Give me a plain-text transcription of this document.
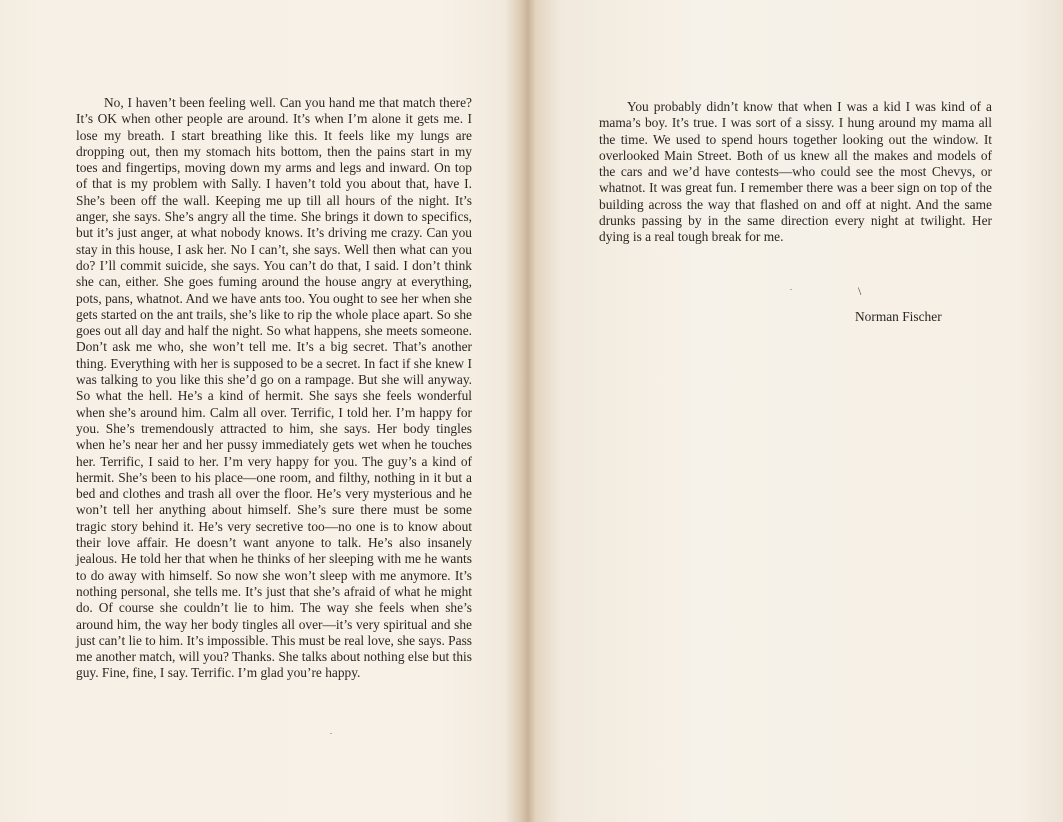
No, I haven’t been feeling well. Can you hand me that match there? It’s OK when other people are around. It’s when I’m alone it gets me. I lose my breath. I start breathing like this. It feels like my lungs are dropping out, then my stomach hits bottom, then the pains start in my toes and fingertips, moving down my arms and legs and inward. On top of that is my problem with Sally. I haven’t told you about that, have I. She’s been off the wall. Keeping me up till all hours of the night. It’s anger, she says. She’s angry all the time. She brings it down to specifics, but it’s just anger, at what nobody knows. It’s driving me crazy. Can you stay in this house, I ask her. No I can’t, she says. Well then what can you do? I’ll commit suicide, she says. You can’t do that, I said. I don’t think she can, either. She goes fuming around the house angry at everything, pots, pans, whatnot. And we have ants too. You ought to see her when she gets started on the ant trails, she’s like to rip the whole place apart. So she goes out all day and half the night. So what happens, she meets someone. Don’t ask me who, she won’t tell me. It’s a big secret. That’s another thing. Everything with her is supposed to be a secret. In fact if she knew I was talking to you like this she’d go on a rampage. But she will anyway. So what the hell. He’s a kind of hermit. She says she feels wonderful when she’s around him. Calm all over. Terrific, I told her. I’m happy for you. She’s tremendously attracted to him, she says. Her body tingles when he’s near her and her pussy immediately gets wet when he touches her. Terrific, I said to her. I’m very happy for you. The guy’s a kind of hermit. She’s been to his place—one room, and filthy, nothing in it but a bed and clothes and trash all over the floor. He’s very mysterious and he won’t tell her anything about himself. She’s sure there must be some tragic story behind it. He’s very secretive too—no one is to know about their love affair. He doesn’t want anyone to talk. He’s also insanely jealous. He told her that when he thinks of her sleeping with me he wants to do away with himself. So now she won’t sleep with me anymore. It’s nothing personal, she tells me. It’s just that she’s afraid of what he might do. Of course she couldn’t lie to him. The way she feels when she’s around him, the way her body tingles all over—it’s very spiritual and she just can’t lie to him. It’s impossible. This must be real love, she says. Pass me another match, will you? Thanks. She talks about nothing else but this guy. Fine, fine, I say. Terrific. I’m glad you’re happy.

You probably didn’t know that when I was a kid I was kind of a mama’s boy. It’s true. I was sort of a sissy. I hung around my mama all the time. We used to spend hours together looking out the window. It overlooked Main Street. Both of us knew all the makes and models of the cars and we’d have contests—who could see the most Chevys, or whatnot. It was great fun. I remember there was a beer sign on top of the building across the way that flashed on and off at night. And the same drunks passing by in the same direction every night at twilight. Her dying is a real tough break for me.

\
Norman Fischer
